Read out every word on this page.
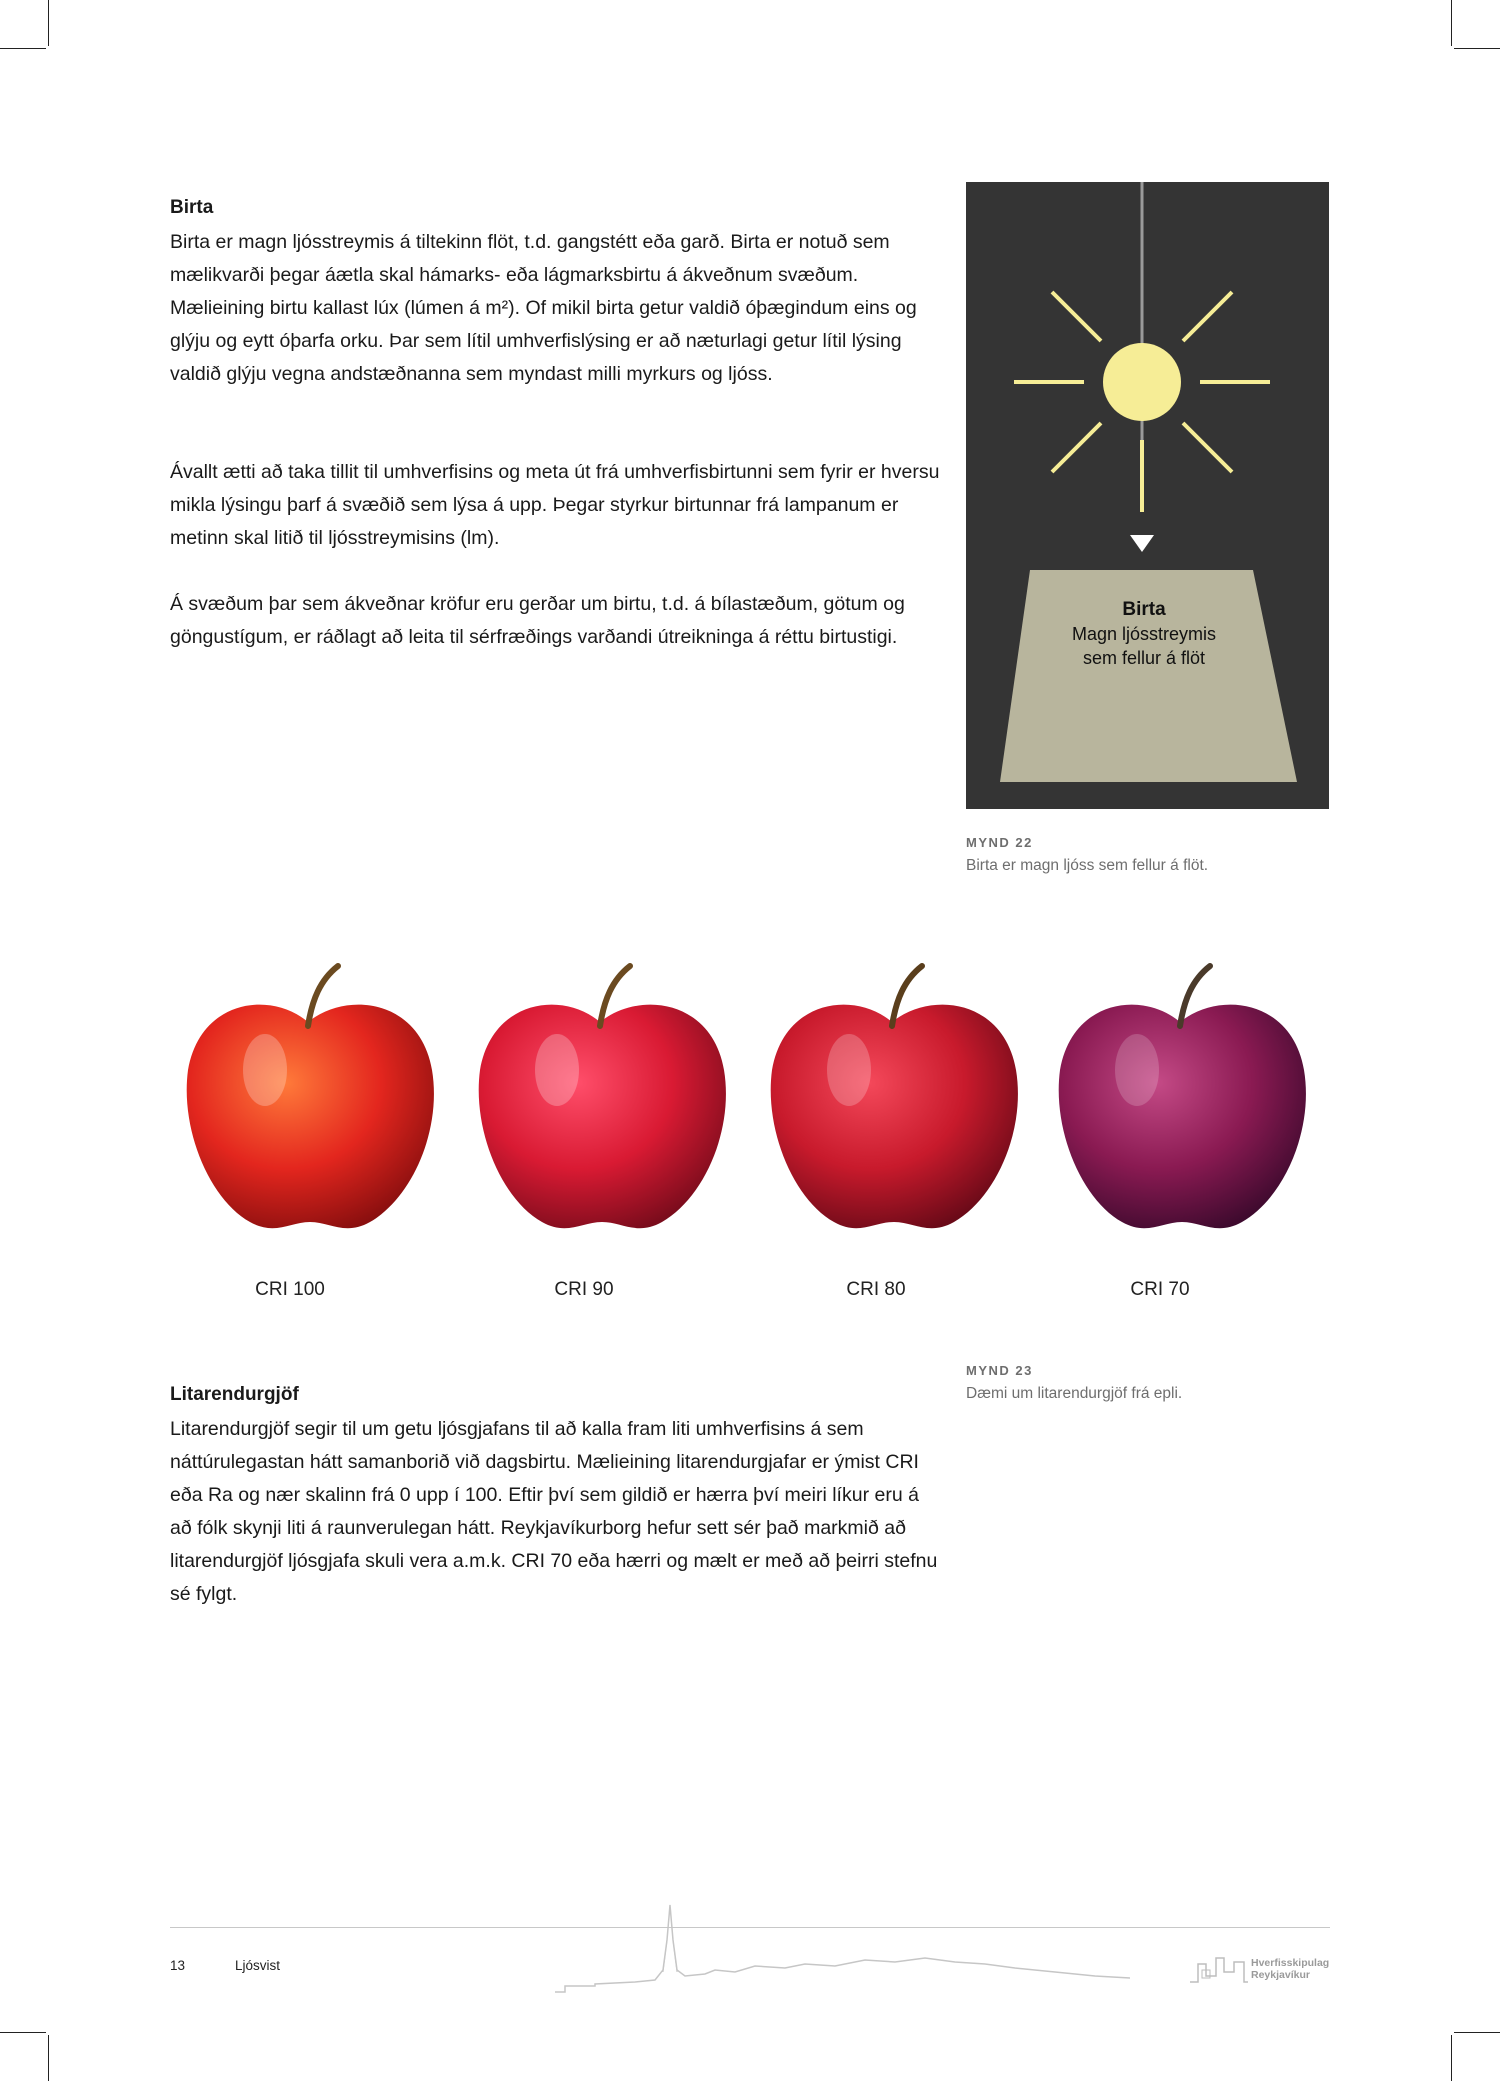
Birta

Birta er magn ljósstreymis á tiltekinn flöt, t.d. gangstétt eða garð. Birta er notuð sem mælikvarði þegar áætla skal hámarks- eða lágmarksbirtu á ákveðnum svæðum. Mælieining birtu kallast lúx (lúmen á m²). Of mikil birta getur valdið óþægindum eins og glýju og eytt óþarfa orku. Þar sem lítil umhverfislýsing er að næturlagi getur lítil lýsing valdið glýju vegna andstæðnanna sem myndast milli myrkurs og ljóss.

Ávallt ætti að taka tillit til umhverfisins og meta út frá umhverfisbirtunni sem fyrir er hversu mikla lýsingu þarf á svæðið sem lýsa á upp. Þegar styrkur birtunnar frá lampanum er metinn skal litið til ljósstreymisins (lm).

Á svæðum þar sem ákveðnar kröfur eru gerðar um birtu, t.d. á bílastæðum, götum og göngustígum, er ráðlagt að leita til sérfræðings varðandi útreikninga á réttu birtustigi.

Birta
Magn ljósstreymis
sem fellur á flöt
MYND 22
Birta er magn ljóss sem fellur á flöt.
CRI 100	CRI 90	CRI 80	CRI 70
MYND 23
Dæmi um litarendurgjöf frá epli.
Litarendurgjöf

Litarendurgjöf segir til um getu ljósgjafans til að kalla fram liti umhverfisins á sem náttúrulegastan hátt samanborið við dagsbirtu. Mælieining litarendurgjafar er ýmist CRI eða Ra og nær skalinn frá 0 upp í 100. Eftir því sem gildið er hærra því meiri líkur eru á að fólk skynji liti á raunverulegan hátt. Reykjavíkurborg hefur sett sér það markmið að litarendurgjöf ljósgjafa skuli vera a.m.k. CRI 70 eða hærri og mælt er með að þeirri stefnu sé fylgt.

13	Ljósvist	Hverfisskipulag
Reykjavíkur
